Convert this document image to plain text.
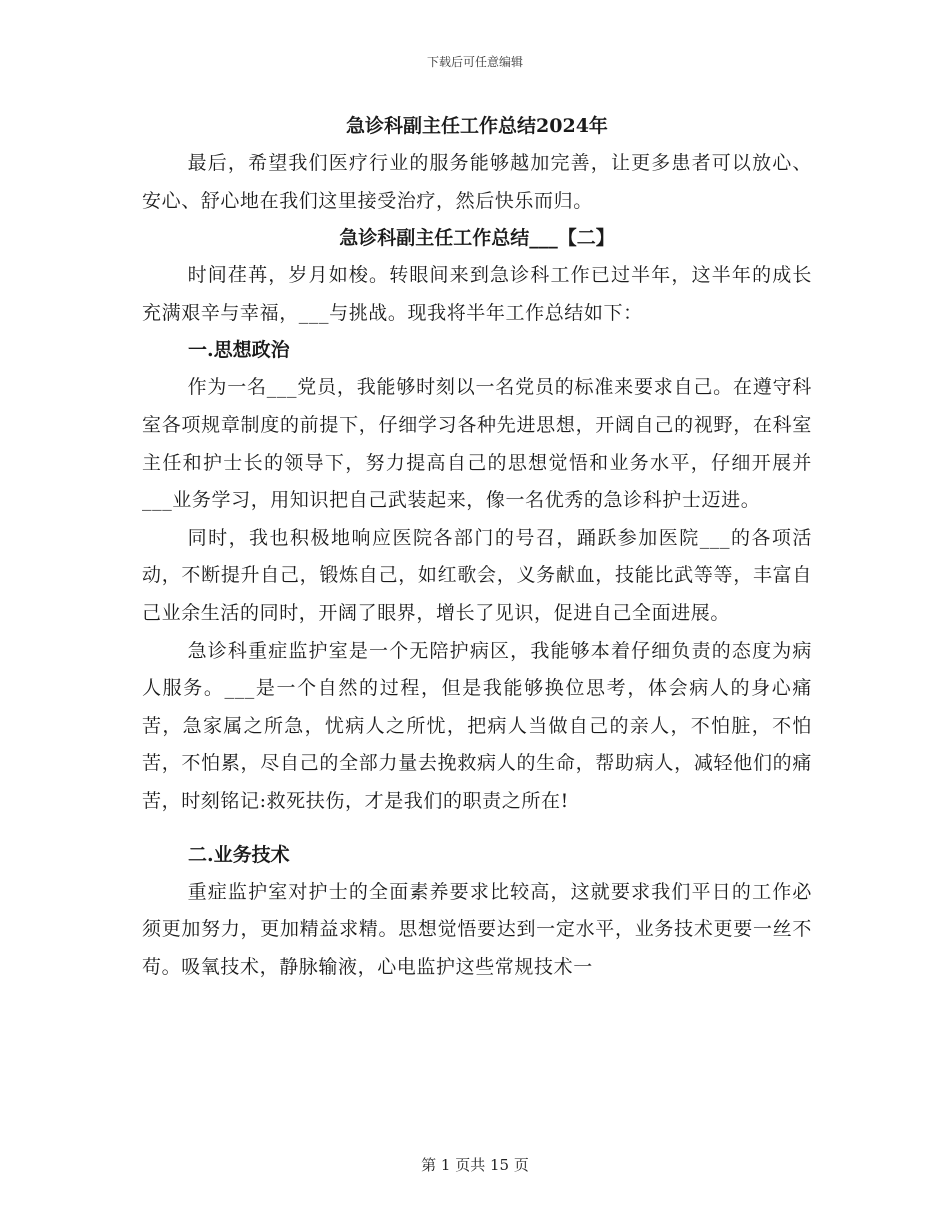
下载后可任意编辑
急诊科副主任工作总结2024年

最后，希望我们医疗行业的服务能够越加完善，让更多患者可以放心、安心、舒心地在我们这里接受治疗，然后快乐而归。

急诊科副主任工作总结___【二】

时间荏苒，岁月如梭。转眼间来到急诊科工作已过半年，这半年的成长充满艰辛与幸福，___与挑战。现我将半年工作总结如下：

一.思想政治

作为一名___党员，我能够时刻以一名党员的标准来要求自己。在遵守科室各项规章制度的前提下，仔细学习各种先进思想，开阔自己的视野，在科室主任和护士长的领导下，努力提高自己的思想觉悟和业务水平，仔细开展并___业务学习，用知识把自己武装起来，像一名优秀的急诊科护士迈进。

同时，我也积极地响应医院各部门的号召，踊跃参加医院___的各项活动，不断提升自己，锻炼自己，如红歌会，义务献血，技能比武等等，丰富自己业余生活的同时，开阔了眼界，增长了见识，促进自己全面进展。

急诊科重症监护室是一个无陪护病区，我能够本着仔细负责的态度为病人服务。___是一个自然的过程，但是我能够换位思考，体会病人的身心痛苦，急家属之所急，忧病人之所忧，把病人当做自己的亲人，不怕脏，不怕苦，不怕累，尽自己的全部力量去挽救病人的生命，帮助病人，减轻他们的痛苦，时刻铭记:救死扶伤，才是我们的职责之所在!

二.业务技术

重症监护室对护士的全面素养要求比较高，这就要求我们平日的工作必须更加努力，更加精益求精。思想觉悟要达到一定水平，业务技术更要一丝不苟。吸氧技术，静脉输液，心电监护这些常规技术一

第 1 页共 15 页
